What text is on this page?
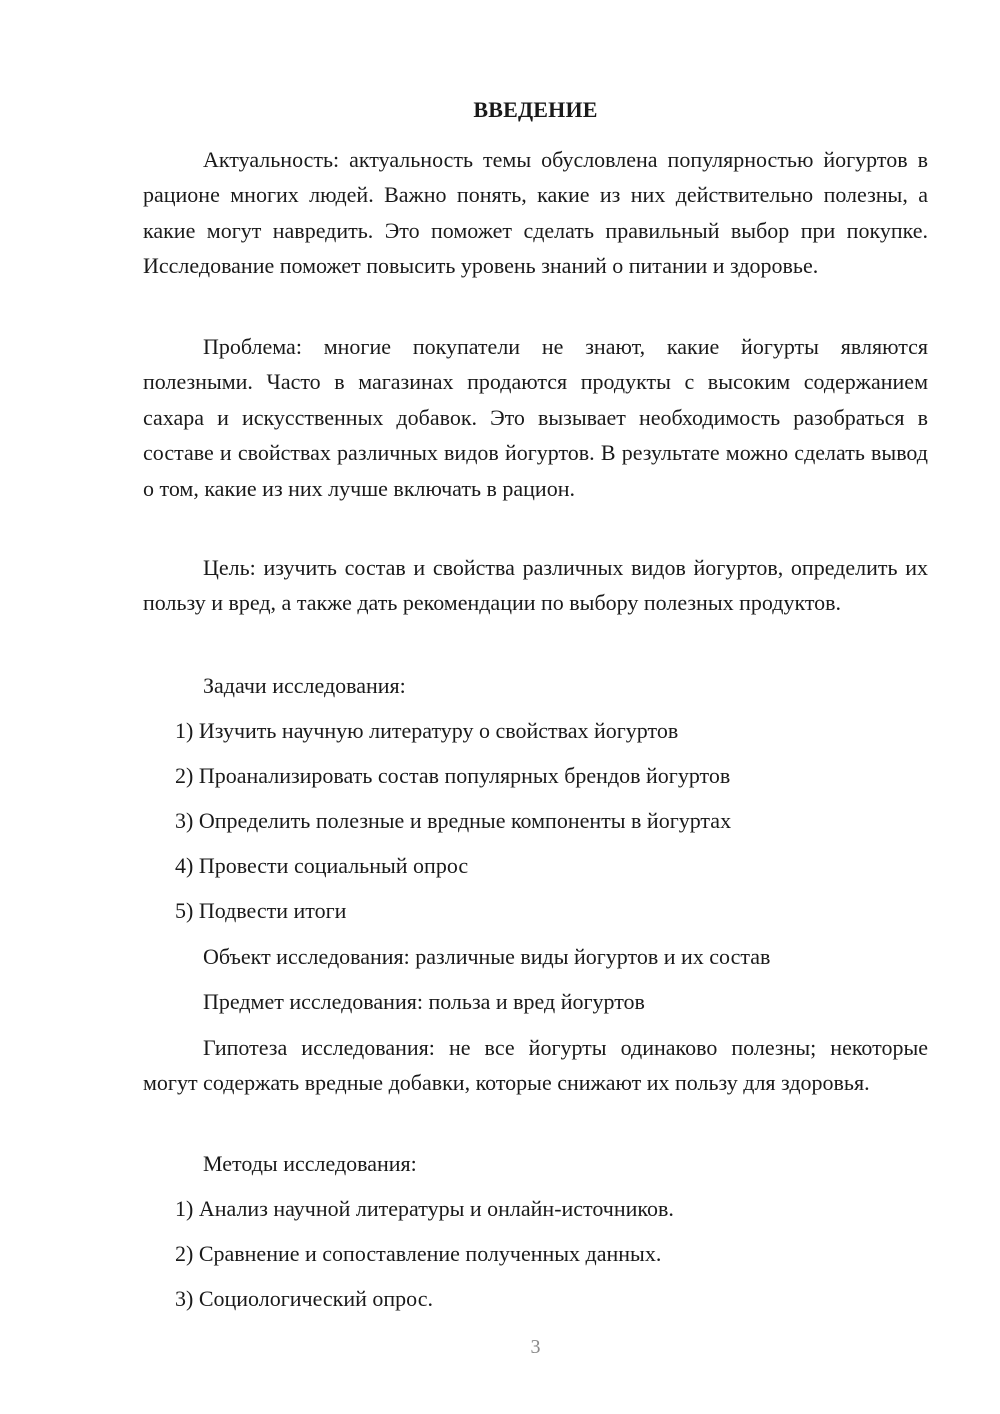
ВВЕДЕНИЕ

Актуальность: актуальность темы обусловлена популярностью йогуртов в рационе многих людей. Важно понять, какие из них действительно полезны, а какие могут навредить. Это поможет сделать правильный выбор при покупке. Исследование поможет повысить уровень знаний о питании и здоровье.

Проблема: многие покупатели не знают, какие йогурты являются полезными. Часто в магазинах продаются продукты с высоким содержанием сахара и искусственных добавок. Это вызывает необходимость разобраться в составе и свойствах различных видов йогуртов. В результате можно сделать вывод о том, какие из них лучше включать в рацион.

Цель: изучить состав и свойства различных видов йогуртов, определить их пользу и вред, а также дать рекомендации по выбору полезных продуктов.

Задачи исследования:

1) Изучить научную литературу о свойствах йогуртов

2) Проанализировать состав популярных брендов йогуртов

3) Определить полезные и вредные компоненты в йогуртах

4) Провести социальный опрос

5) Подвести итоги

Объект исследования: различные виды йогуртов и их состав

Предмет исследования: польза и вред йогуртов

Гипотеза исследования: не все йогурты одинаково полезны; некоторые могут содержать вредные добавки, которые снижают их пользу для здоровья.

Методы исследования:

1) Анализ научной литературы и онлайн-источников.

2) Сравнение и сопоставление полученных данных.

3) Социологический опрос.

3
